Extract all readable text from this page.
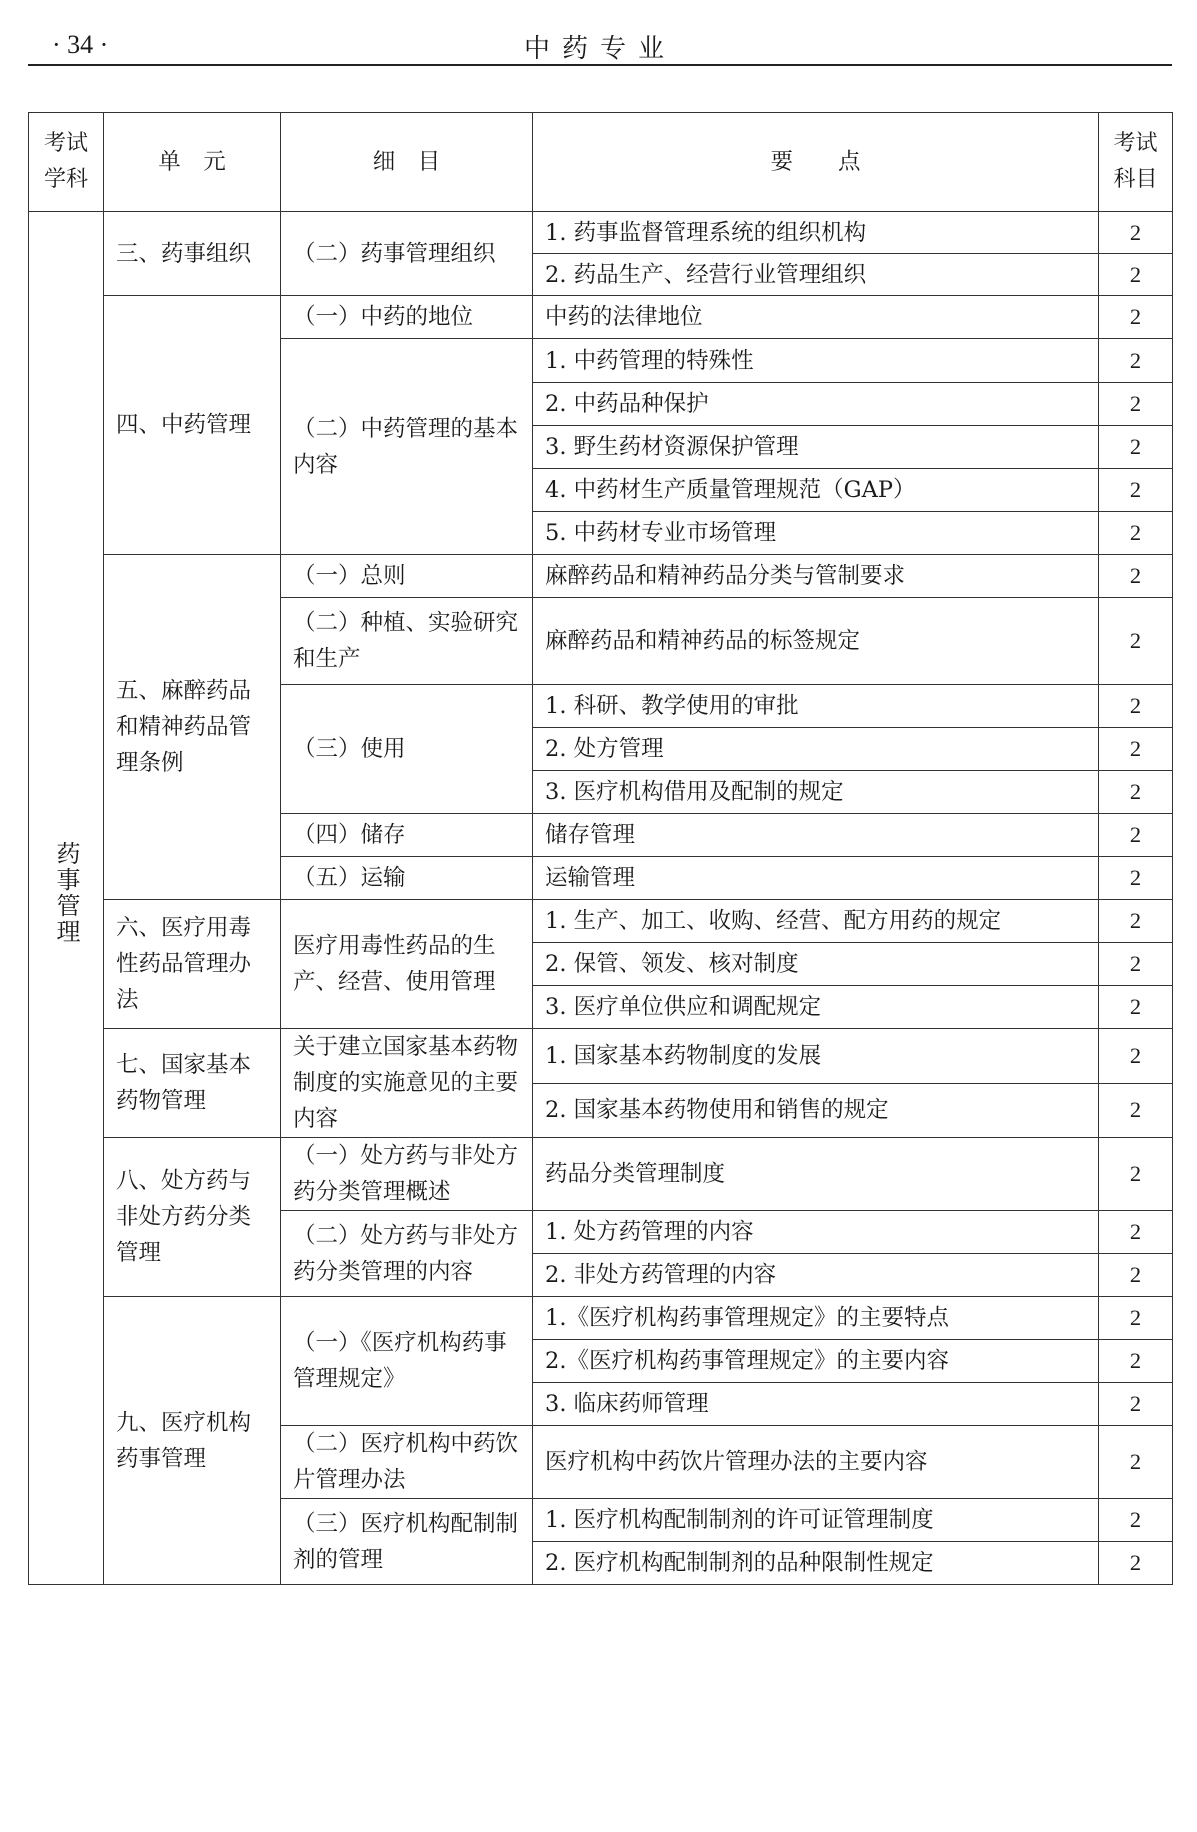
· 34 ·	中药专业
考试学科	单　元	细　目	要　　点	考试科目
药事管理	三、药事组织	（二）药事管理组织	1. 药事监督管理系统的组织机构	2
			2. 药品生产、经营行业管理组织	2
	四、中药管理	（一）中药的地位	中药的法律地位	2
		（二）中药管理的基本内容	1. 中药管理的特殊性	2
			2. 中药品种保护	2
			3. 野生药材资源保护管理	2
			4. 中药材生产质量管理规范（GAP）	2
			5. 中药材专业市场管理	2
	五、麻醉药品和精神药品管理条例	（一）总则	麻醉药品和精神药品分类与管制要求	2
		（二）种植、实验研究和生产	麻醉药品和精神药品的标签规定	2
		（三）使用	1. 科研、教学使用的审批	2
			2. 处方管理	2
			3. 医疗机构借用及配制的规定	2
		（四）储存	储存管理	2
		（五）运输	运输管理	2
	六、医疗用毒性药品管理办法	医疗用毒性药品的生产、经营、使用管理	1. 生产、加工、收购、经营、配方用药的规定	2
			2. 保管、领发、核对制度	2
			3. 医疗单位供应和调配规定	2
	七、国家基本药物管理	关于建立国家基本药物制度的实施意见的主要内容	1. 国家基本药物制度的发展	2
			2. 国家基本药物使用和销售的规定	2
	八、处方药与非处方药分类管理	（一）处方药与非处方药分类管理概述	药品分类管理制度	2
		（二）处方药与非处方药分类管理的内容	1. 处方药管理的内容	2
			2. 非处方药管理的内容	2
	九、医疗机构药事管理	（一）《医疗机构药事管理规定》	1.《医疗机构药事管理规定》的主要特点	2
			2.《医疗机构药事管理规定》的主要内容	2
			3. 临床药师管理	2
		（二）医疗机构中药饮片管理办法	医疗机构中药饮片管理办法的主要内容	2
		（三）医疗机构配制制剂的管理	1. 医疗机构配制制剂的许可证管理制度	2
			2. 医疗机构配制制剂的品种限制性规定	2
